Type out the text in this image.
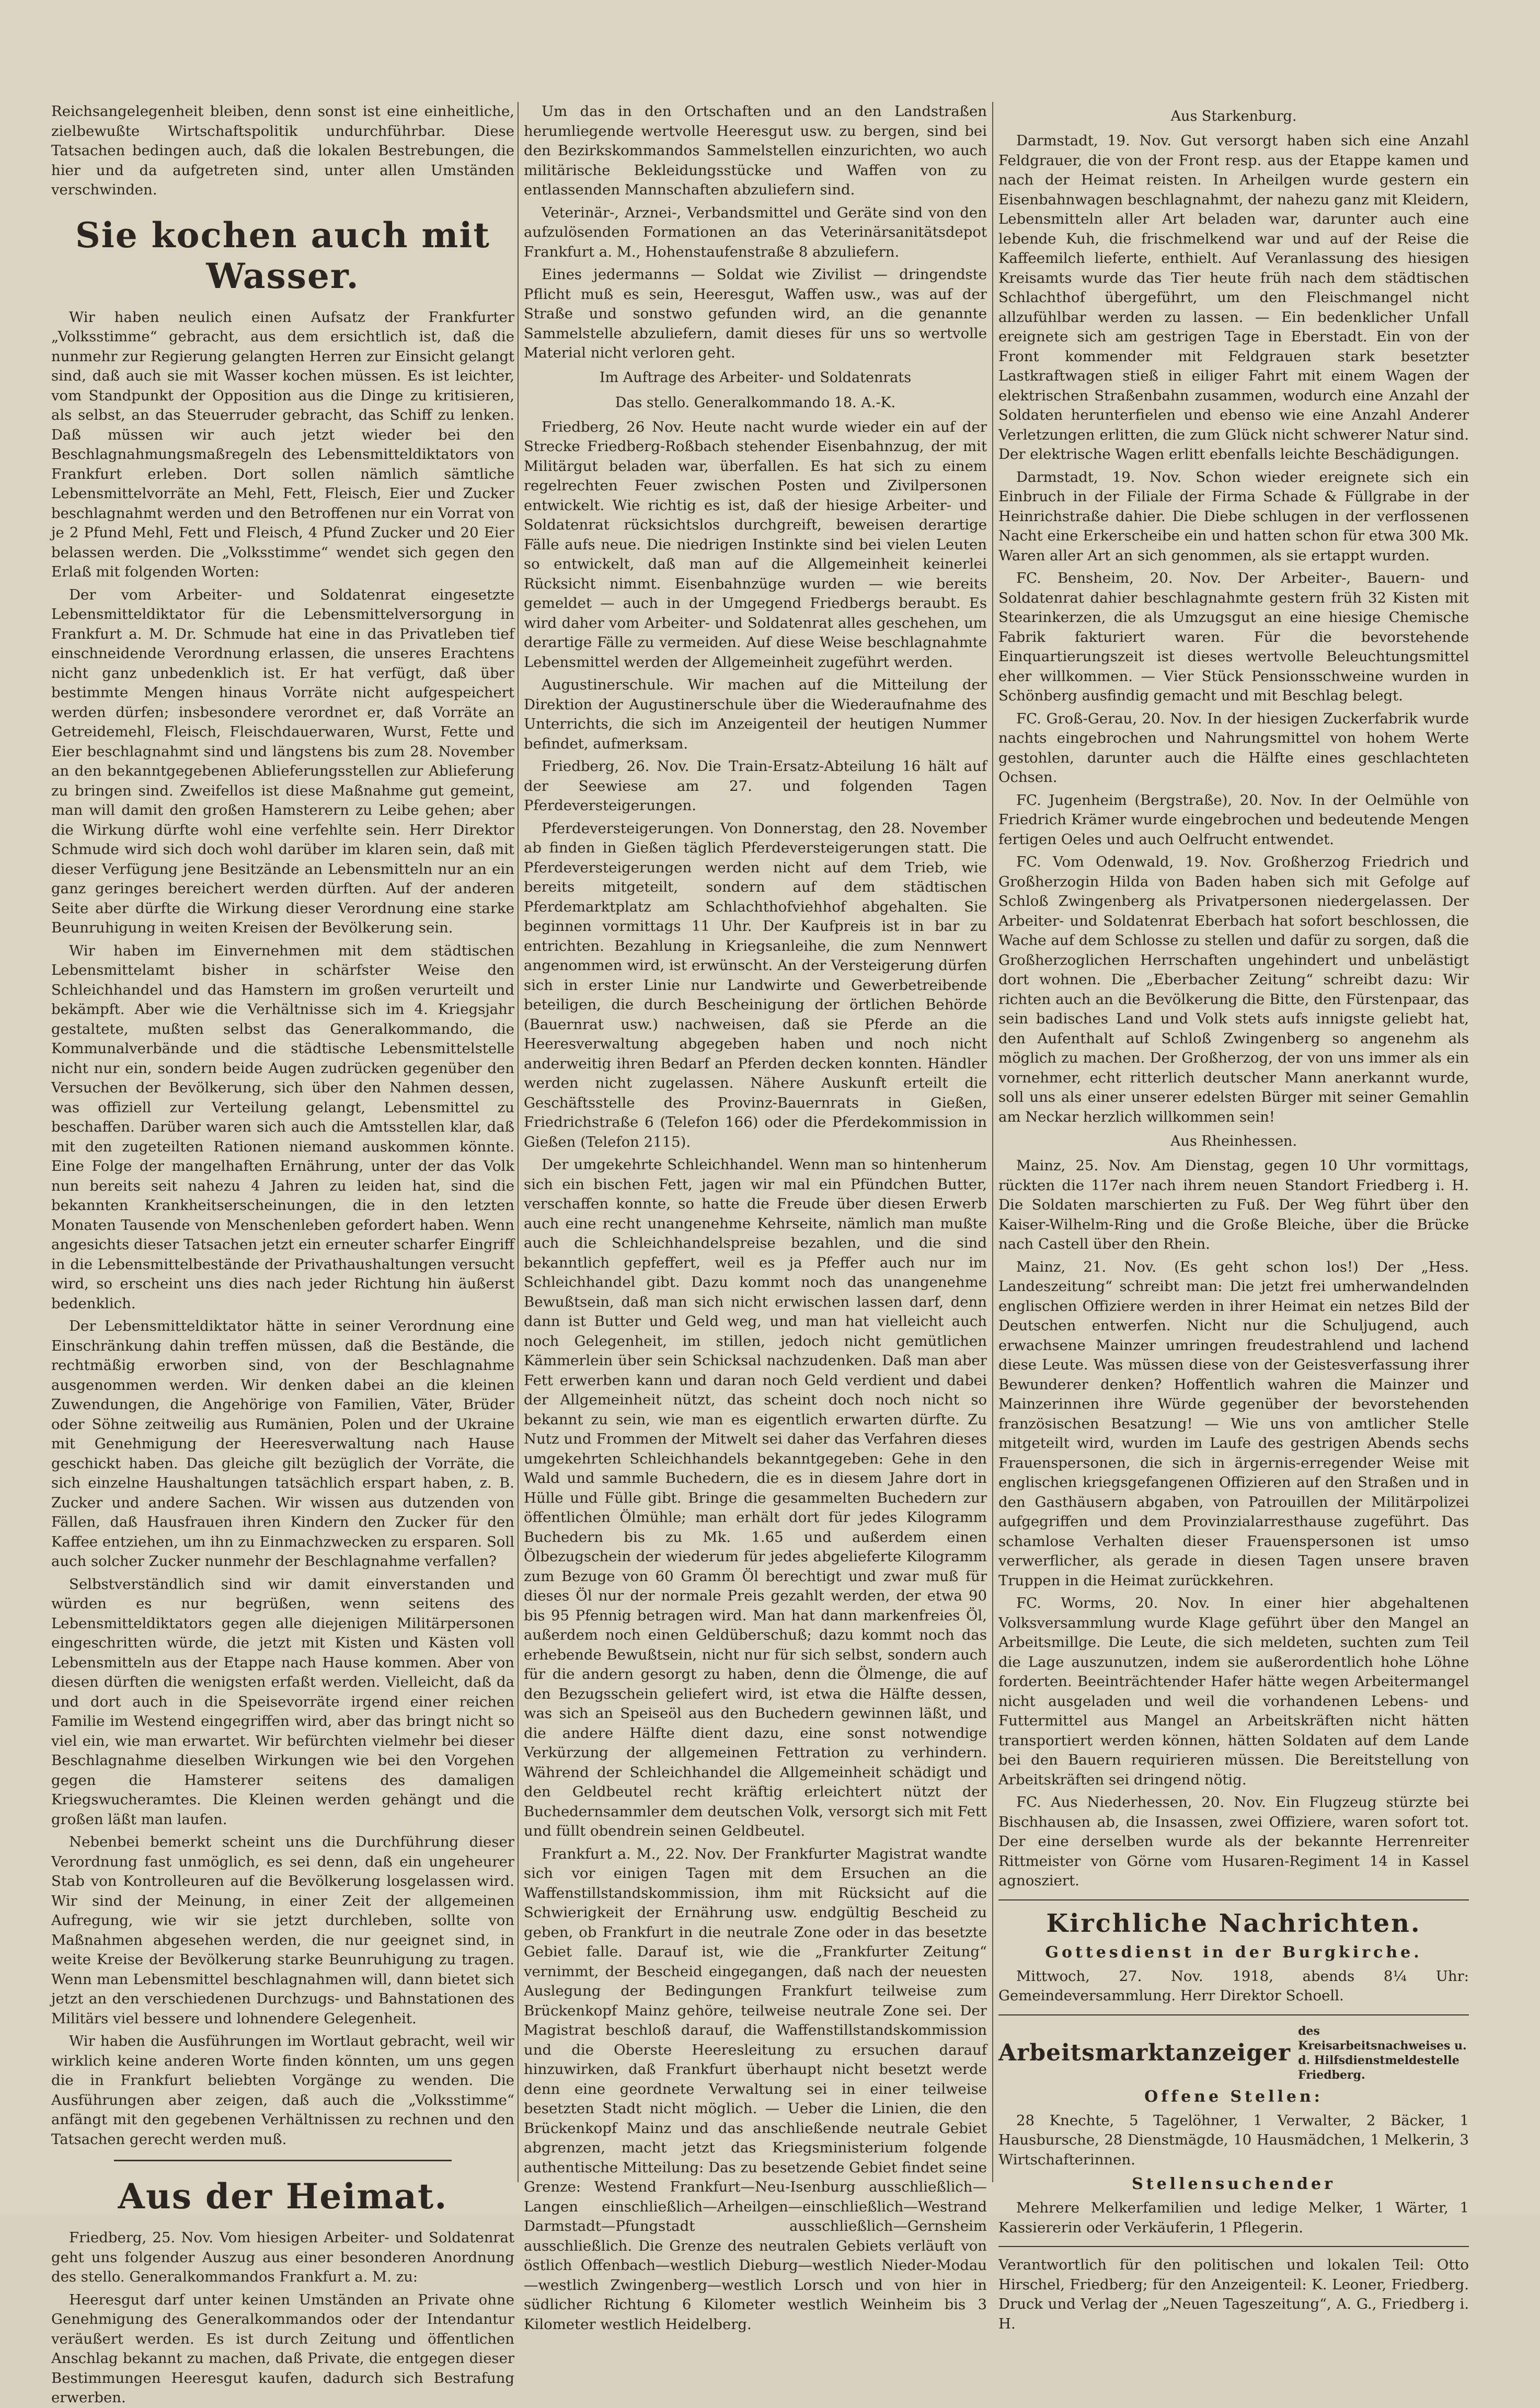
Reichsangelegenheit bleiben, denn sonst ist eine einheitliche, zielbewußte Wirtschaftspolitik undurchführbar. Diese Tatsachen bedingen auch, daß die lokalen Bestrebungen, die hier und da aufgetreten sind, unter allen Umständen verschwinden.

Sie kochen auch mit Wasser.

Wir haben neulich einen Aufsatz der Frankfurter „Volksstimme“ gebracht, aus dem ersichtlich ist, daß die nunmehr zur Regierung gelangten Herren zur Einsicht gelangt sind, daß auch sie mit Wasser kochen müssen. Es ist leichter, vom Standpunkt der Opposition aus die Dinge zu kritisieren, als selbst, an das Steuerruder gebracht, das Schiff zu lenken. Daß müssen wir auch jetzt wieder bei den Beschlagnahmungsmaßregeln des Lebensmitteldiktators von Frankfurt erleben. Dort sollen nämlich sämtliche Lebensmittelvorräte an Mehl, Fett, Fleisch, Eier und Zucker beschlagnahmt werden und den Betroffenen nur ein Vorrat von je 2 Pfund Mehl, Fett und Fleisch, 4 Pfund Zucker und 20 Eier belassen werden. Die „Volksstimme“ wendet sich gegen den Erlaß mit folgenden Worten:

Der vom Arbeiter- und Soldatenrat eingesetzte Lebensmitteldiktator für die Lebensmittelversorgung in Frankfurt a. M. Dr. Schmude hat eine in das Privatleben tief einschneidende Verordnung erlassen, die unseres Erachtens nicht ganz unbedenklich ist. Er hat verfügt, daß über bestimmte Mengen hinaus Vorräte nicht aufgespeichert werden dürfen; insbesondere verordnet er, daß Vorräte an Getreidemehl, Fleisch, Fleischdauerwaren, Wurst, Fette und Eier beschlagnahmt sind und längstens bis zum 28. November an den bekanntgegebenen Ablieferungsstellen zur Ablieferung zu bringen sind. Zweifellos ist diese Maßnahme gut gemeint, man will damit den großen Hamsterern zu Leibe gehen; aber die Wirkung dürfte wohl eine verfehlte sein. Herr Direktor Schmude wird sich doch wohl darüber im klaren sein, daß mit dieser Verfügung jene Besitzände an Lebensmitteln nur an ein ganz geringes bereichert werden dürften. Auf der anderen Seite aber dürfte die Wirkung dieser Verordnung eine starke Beunruhigung in weiten Kreisen der Bevölkerung sein.

Wir haben im Einvernehmen mit dem städtischen Lebensmittelamt bisher in schärfster Weise den Schleichhandel und das Hamstern im großen verurteilt und bekämpft. Aber wie die Verhältnisse sich im 4. Kriegsjahr gestaltete, mußten selbst das Generalkommando, die Kommunalverbände und die städtische Lebensmittelstelle nicht nur ein, sondern beide Augen zudrücken gegenüber den Versuchen der Bevölkerung, sich über den Nahmen dessen, was offiziell zur Verteilung gelangt, Lebensmittel zu beschaffen. Darüber waren sich auch die Amtsstellen klar, daß mit den zugeteilten Rationen niemand auskommen könnte. Eine Folge der mangelhaften Ernährung, unter der das Volk nun bereits seit nahezu 4 Jahren zu leiden hat, sind die bekannten Krankheitserscheinungen, die in den letzten Monaten Tausende von Menschenleben gefordert haben. Wenn angesichts dieser Tatsachen jetzt ein erneuter scharfer Eingriff in die Lebensmittelbestände der Privathaushaltungen versucht wird, so erscheint uns dies nach jeder Richtung hin äußerst bedenklich.

Der Lebensmitteldiktator hätte in seiner Verordnung eine Einschränkung dahin treffen müssen, daß die Bestände, die rechtmäßig erworben sind, von der Beschlagnahme ausgenommen werden. Wir denken dabei an die kleinen Zuwendungen, die Angehörige von Familien, Väter, Brüder oder Söhne zeitweilig aus Rumänien, Polen und der Ukraine mit Genehmigung der Heeresverwaltung nach Hause geschickt haben. Das gleiche gilt bezüglich der Vorräte, die sich einzelne Haushaltungen tatsächlich erspart haben, z. B. Zucker und andere Sachen. Wir wissen aus dutzenden von Fällen, daß Hausfrauen ihren Kindern den Zucker für den Kaffee entziehen, um ihn zu Einmachzwecken zu ersparen. Soll auch solcher Zucker nunmehr der Beschlagnahme verfallen?

Selbstverständlich sind wir damit einverstanden und würden es nur begrüßen, wenn seitens des Lebensmitteldiktators gegen alle diejenigen Militärpersonen eingeschritten würde, die jetzt mit Kisten und Kästen voll Lebensmitteln aus der Etappe nach Hause kommen. Aber von diesen dürften die wenigsten erfaßt werden. Vielleicht, daß da und dort auch in die Speisevorräte irgend einer reichen Familie im Westend eingegriffen wird, aber das bringt nicht so viel ein, wie man erwartet. Wir befürchten vielmehr bei dieser Beschlagnahme dieselben Wirkungen wie bei den Vorgehen gegen die Hamsterer seitens des damaligen Kriegswucheramtes. Die Kleinen werden gehängt und die großen läßt man laufen.

Nebenbei bemerkt scheint uns die Durchführung dieser Verordnung fast unmöglich, es sei denn, daß ein ungeheurer Stab von Kontrolleuren auf die Bevölkerung losgelassen wird. Wir sind der Meinung, in einer Zeit der allgemeinen Aufregung, wie wir sie jetzt durchleben, sollte von Maßnahmen abgesehen werden, die nur geeignet sind, in weite Kreise der Bevölkerung starke Beunruhigung zu tragen. Wenn man Lebensmittel beschlagnahmen will, dann bietet sich jetzt an den verschiedenen Durchzugs- und Bahnstationen des Militärs viel bessere und lohnendere Gelegenheit.

Wir haben die Ausführungen im Wortlaut gebracht, weil wir wirklich keine anderen Worte finden könnten, um uns gegen die in Frankfurt beliebten Vorgänge zu wenden. Die Ausführungen aber zeigen, daß auch die „Volksstimme“ anfängt mit den gegebenen Verhältnissen zu rechnen und den Tatsachen gerecht werden muß.

Aus der Heimat.

Friedberg, 25. Nov. Vom hiesigen Arbeiter- und Soldatenrat geht uns folgender Auszug aus einer besonderen Anordnung des stello. Generalkommandos Frankfurt a. M. zu:

Heeresgut darf unter keinen Umständen an Private ohne Genehmigung des Generalkommandos oder der Intendantur veräußert werden. Es ist durch Zeitung und öffentlichen Anschlag bekannt zu machen, daß Private, die entgegen dieser Bestimmungen Heeresgut kaufen, dadurch sich Bestrafung erwerben.

Um das in den Ortschaften und an den Landstraßen herumliegende wertvolle Heeresgut usw. zu bergen, sind bei den Bezirkskommandos Sammelstellen einzurichten, wo auch militärische Bekleidungsstücke und Waffen von zu entlassenden Mannschaften abzuliefern sind.

Veterinär-, Arznei-, Verbandsmittel und Geräte sind von den aufzulösenden Formationen an das Veterinärsanitätsdepot Frankfurt a. M., Hohenstaufenstraße 8 abzuliefern.

Eines jedermanns — Soldat wie Zivilist — dringendste Pflicht muß es sein, Heeresgut, Waffen usw., was auf der Straße und sonstwo gefunden wird, an die genannte Sammelstelle abzuliefern, damit dieses für uns so wertvolle Material nicht verloren geht.

Im Auftrage des Arbeiter- und Soldatenrats
Das stello. Generalkommando 18. A.-K.

Friedberg, 26 Nov. Heute nacht wurde wieder ein auf der Strecke Friedberg-Roßbach stehender Eisenbahnzug, der mit Militärgut beladen war, überfallen. Es hat sich zu einem regelrechten Feuer zwischen Posten und Zivilpersonen entwickelt. Wie richtig es ist, daß der hiesige Arbeiter- und Soldatenrat rücksichtslos durchgreift, beweisen derartige Fälle aufs neue. Die niedrigen Instinkte sind bei vielen Leuten so entwickelt, daß man auf die Allgemeinheit keinerlei Rücksicht nimmt. Eisenbahnzüge wurden — wie bereits gemeldet — auch in der Umgegend Friedbergs beraubt. Es wird daher vom Arbeiter- und Soldatenrat alles geschehen, um derartige Fälle zu vermeiden. Auf diese Weise beschlagnahmte Lebensmittel werden der Allgemeinheit zugeführt werden.

Augustinerschule. Wir machen auf die Mitteilung der Direktion der Augustinerschule über die Wiederaufnahme des Unterrichts, die sich im Anzeigenteil der heutigen Nummer befindet, aufmerksam.

Friedberg, 26. Nov. Die Train-Ersatz-Abteilung 16 hält auf der Seewiese am 27. und folgenden Tagen Pferdeversteigerungen.

Pferdeversteigerungen. Von Donnerstag, den 28. November ab finden in Gießen täglich Pferdeversteigerungen statt. Die Pferdeversteigerungen werden nicht auf dem Trieb, wie bereits mitgeteilt, sondern auf dem städtischen Pferdemarktplatz am Schlachthofviehhof abgehalten. Sie beginnen vormittags 11 Uhr. Der Kaufpreis ist in bar zu entrichten. Bezahlung in Kriegsanleihe, die zum Nennwert angenommen wird, ist erwünscht. An der Versteigerung dürfen sich in erster Linie nur Landwirte und Gewerbetreibende beteiligen, die durch Bescheinigung der örtlichen Behörde (Bauernrat usw.) nachweisen, daß sie Pferde an die Heeresverwaltung abgegeben haben und noch nicht anderweitig ihren Bedarf an Pferden decken konnten. Händler werden nicht zugelassen. Nähere Auskunft erteilt die Geschäftsstelle des Provinz-Bauernrats in Gießen, Friedrichstraße 6 (Telefon 166) oder die Pferdekommission in Gießen (Telefon 2115).

Der umgekehrte Schleichhandel. Wenn man so hintenherum sich ein bischen Fett, jagen wir mal ein Pfündchen Butter, verschaffen konnte, so hatte die Freude über diesen Erwerb auch eine recht unangenehme Kehrseite, nämlich man mußte auch die Schleichhandelspreise bezahlen, und die sind bekanntlich gepfeffert, weil es ja Pfeffer auch nur im Schleichhandel gibt. Dazu kommt noch das unangenehme Bewußtsein, daß man sich nicht erwischen lassen darf, denn dann ist Butter und Geld weg, und man hat vielleicht auch noch Gelegenheit, im stillen, jedoch nicht gemütlichen Kämmerlein über sein Schicksal nachzudenken. Daß man aber Fett erwerben kann und daran noch Geld verdient und dabei der Allgemeinheit nützt, das scheint doch noch nicht so bekannt zu sein, wie man es eigentlich erwarten dürfte. Zu Nutz und Frommen der Mitwelt sei daher das Verfahren dieses umgekehrten Schleichhandels bekanntgegeben: Gehe in den Wald und sammle Buchedern, die es in diesem Jahre dort in Hülle und Fülle gibt. Bringe die gesammelten Buchedern zur öffentlichen Ölmühle; man erhält dort für jedes Kilogramm Buchedern bis zu Mk. 1.65 und außerdem einen Ölbezugschein der wiederum für jedes abgelieferte Kilogramm zum Bezuge von 60 Gramm Öl berechtigt und zwar muß für dieses Öl nur der normale Preis gezahlt werden, der etwa 90 bis 95 Pfennig betragen wird. Man hat dann markenfreies Öl, außerdem noch einen Geldüberschuß; dazu kommt noch das erhebende Bewußtsein, nicht nur für sich selbst, sondern auch für die andern gesorgt zu haben, denn die Ölmenge, die auf den Bezugsschein geliefert wird, ist etwa die Hälfte dessen, was sich an Speiseöl aus den Buchedern gewinnen läßt, und die andere Hälfte dient dazu, eine sonst notwendige Verkürzung der allgemeinen Fettration zu verhindern. Während der Schleichhandel die Allgemeinheit schädigt und den Geldbeutel recht kräftig erleichtert nützt der Buchedernsammler dem deutschen Volk, versorgt sich mit Fett und füllt obendrein seinen Geldbeutel.

Frankfurt a. M., 22. Nov. Der Frankfurter Magistrat wandte sich vor einigen Tagen mit dem Ersuchen an die Waffenstillstandskommission, ihm mit Rücksicht auf die Schwierigkeit der Ernährung usw. endgültig Bescheid zu geben, ob Frankfurt in die neutrale Zone oder in das besetzte Gebiet falle. Darauf ist, wie die „Frankfurter Zeitung“ vernimmt, der Bescheid eingegangen, daß nach der neuesten Auslegung der Bedingungen Frankfurt teilweise zum Brückenkopf Mainz gehöre, teilweise neutrale Zone sei. Der Magistrat beschloß darauf, die Waffenstillstandskommission und die Oberste Heeresleitung zu ersuchen darauf hinzuwirken, daß Frankfurt überhaupt nicht besetzt werde denn eine geordnete Verwaltung sei in einer teilweise besetzten Stadt nicht möglich. — Ueber die Linien, die den Brückenkopf Mainz und das anschließende neutrale Gebiet abgrenzen, macht jetzt das Kriegsministerium folgende authentische Mitteilung: Das zu besetzende Gebiet findet seine Grenze: Westend Frankfurt—Neu-Isenburg ausschließlich—Langen einschließlich—Arheilgen—einschließlich—Westrand Darmstadt—Pfungstadt ausschließlich—Gernsheim ausschließlich. Die Grenze des neutralen Gebiets verläuft von östlich Offenbach—westlich Dieburg—westlich Nieder-Modau—westlich Zwingenberg—westlich Lorsch und von hier in südlicher Richtung 6 Kilometer westlich Weinheim bis 3 Kilometer westlich Heidelberg.

Aus Starkenburg.

Darmstadt, 19. Nov. Gut versorgt haben sich eine Anzahl Feldgrauer, die von der Front resp. aus der Etappe kamen und nach der Heimat reisten. In Arheilgen wurde gestern ein Eisenbahnwagen beschlagnahmt, der nahezu ganz mit Kleidern, Lebensmitteln aller Art beladen war, darunter auch eine lebende Kuh, die frischmelkend war und auf der Reise die Kaffeemilch lieferte, enthielt. Auf Veranlassung des hiesigen Kreisamts wurde das Tier heute früh nach dem städtischen Schlachthof übergeführt, um den Fleischmangel nicht allzufühlbar werden zu lassen. — Ein bedenklicher Unfall ereignete sich am gestrigen Tage in Eberstadt. Ein von der Front kommender mit Feldgrauen stark besetzter Lastkraftwagen stieß in eiliger Fahrt mit einem Wagen der elektrischen Straßenbahn zusammen, wodurch eine Anzahl der Soldaten herunterfielen und ebenso wie eine Anzahl Anderer Verletzungen erlitten, die zum Glück nicht schwerer Natur sind. Der elektrische Wagen erlitt ebenfalls leichte Beschädigungen.

Darmstadt, 19. Nov. Schon wieder ereignete sich ein Einbruch in der Filiale der Firma Schade & Füllgrabe in der Heinrichstraße dahier. Die Diebe schlugen in der verflossenen Nacht eine Erkerscheibe ein und hatten schon für etwa 300 Mk. Waren aller Art an sich genommen, als sie ertappt wurden.

FC. Bensheim, 20. Nov. Der Arbeiter-, Bauern- und Soldatenrat dahier beschlagnahmte gestern früh 32 Kisten mit Stearinkerzen, die als Umzugsgut an eine hiesige Chemische Fabrik fakturiert waren. Für die bevorstehende Einquartierungszeit ist dieses wertvolle Beleuchtungsmittel eher willkommen. — Vier Stück Pensionsschweine wurden in Schönberg ausfindig gemacht und mit Beschlag belegt.

FC. Groß-Gerau, 20. Nov. In der hiesigen Zuckerfabrik wurde nachts eingebrochen und Nahrungsmittel von hohem Werte gestohlen, darunter auch die Hälfte eines geschlachteten Ochsen.

FC. Jugenheim (Bergstraße), 20. Nov. In der Oelmühle von Friedrich Krämer wurde eingebrochen und bedeutende Mengen fertigen Oeles und auch Oelfrucht entwendet.

FC. Vom Odenwald, 19. Nov. Großherzog Friedrich und Großherzogin Hilda von Baden haben sich mit Gefolge auf Schloß Zwingenberg als Privatpersonen niedergelassen. Der Arbeiter- und Soldatenrat Eberbach hat sofort beschlossen, die Wache auf dem Schlosse zu stellen und dafür zu sorgen, daß die Großherzoglichen Herrschaften ungehindert und unbelästigt dort wohnen. Die „Eberbacher Zeitung“ schreibt dazu: Wir richten auch an die Bevölkerung die Bitte, den Fürstenpaar, das sein badisches Land und Volk stets aufs innigste geliebt hat, den Aufenthalt auf Schloß Zwingenberg so angenehm als möglich zu machen. Der Großherzog, der von uns immer als ein vornehmer, echt ritterlich deutscher Mann anerkannt wurde, soll uns als einer unserer edelsten Bürger mit seiner Gemahlin am Neckar herzlich willkommen sein!

Aus Rheinhessen.

Mainz, 25. Nov. Am Dienstag, gegen 10 Uhr vormittags, rückten die 117er nach ihrem neuen Standort Friedberg i. H. Die Soldaten marschierten zu Fuß. Der Weg führt über den Kaiser-Wilhelm-Ring und die Große Bleiche, über die Brücke nach Castell über den Rhein.

Mainz, 21. Nov. (Es geht schon los!) Der „Hess. Landeszeitung“ schreibt man: Die jetzt frei umherwandelnden englischen Offiziere werden in ihrer Heimat ein netzes Bild der Deutschen entwerfen. Nicht nur die Schuljugend, auch erwachsene Mainzer umringen freudestrahlend und lachend diese Leute. Was müssen diese von der Geistesverfassung ihrer Bewunderer denken? Hoffentlich wahren die Mainzer und Mainzerinnen ihre Würde gegenüber der bevorstehenden französischen Besatzung! — Wie uns von amtlicher Stelle mitgeteilt wird, wurden im Laufe des gestrigen Abends sechs Frauenspersonen, die sich in ärgernis-erregender Weise mit englischen kriegsgefangenen Offizieren auf den Straßen und in den Gasthäusern abgaben, von Patrouillen der Militärpolizei aufgegriffen und dem Provinzialarresthause zugeführt. Das schamlose Verhalten dieser Frauenspersonen ist umso verwerflicher, als gerade in diesen Tagen unsere braven Truppen in die Heimat zurückkehren.

FC. Worms, 20. Nov. In einer hier abgehaltenen Volksversammlung wurde Klage geführt über den Mangel an Arbeitsmillge. Die Leute, die sich meldeten, suchten zum Teil die Lage auszunutzen, indem sie außerordentlich hohe Löhne forderten. Beeinträchtender Hafer hätte wegen Arbeitermangel nicht ausgeladen und weil die vorhandenen Lebens- und Futtermittel aus Mangel an Arbeitskräften nicht hätten transportiert werden können, hätten Soldaten auf dem Lande bei den Bauern requirieren müssen. Die Bereitstellung von Arbeitskräften sei dringend nötig.

FC. Aus Niederhessen, 20. Nov. Ein Flugzeug stürzte bei Bischhausen ab, die Insassen, zwei Offiziere, waren sofort tot. Der eine derselben wurde als der bekannte Herrenreiter Rittmeister von Görne vom Husaren-Regiment 14 in Kassel agnosziert.

Kirchliche Nachrichten.
Gottesdienst in der Burgkirche.

Mittwoch, 27. Nov. 1918, abends 8¼ Uhr: Gemeindeversammlung. Herr Direktor Schoell.

Arbeitsmarktanzeiger
des Kreisarbeitsnachweises u. d. Hilfsdienstmeldestelle Friedberg.
Offene Stellen:

28 Knechte, 5 Tagelöhner, 1 Verwalter, 2 Bäcker, 1 Hausbursche, 28 Dienstmägde, 10 Hausmädchen, 1 Melkerin, 3 Wirtschafterinnen.

Stellensuchender

Mehrere Melkerfamilien und ledige Melker, 1 Wärter, 1 Kassiererin oder Verkäuferin, 1 Pflegerin.

Verantwortlich für den politischen und lokalen Teil: Otto Hirschel, Friedberg; für den Anzeigenteil: K. Leoner, Friedberg. Druck und Verlag der „Neuen Tageszeitung“, A. G., Friedberg i. H.
